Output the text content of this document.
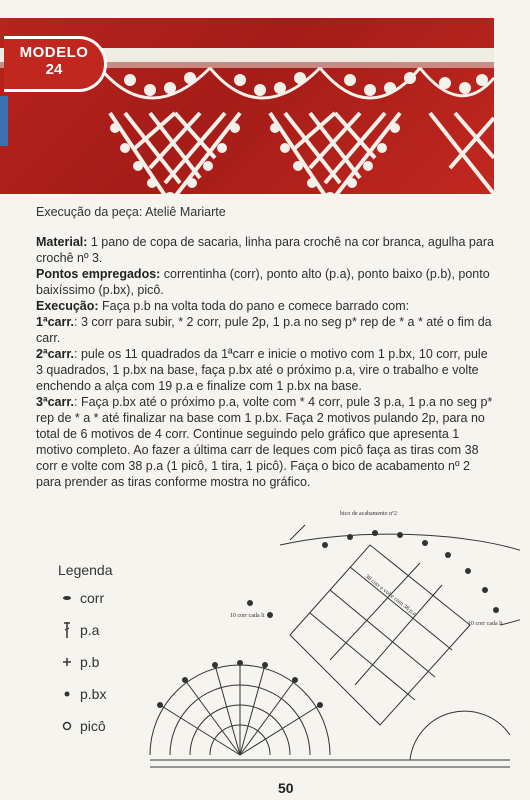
MODELO
24
Execução da peça: Ateliê Mariarte

Material: 1 pano de copa de sacaria, linha para crochê na cor branca, agulha para crochê nº 3.

Pontos empregados: correntinha (corr), ponto alto (p.a), ponto baixo (p.b), ponto baixíssimo (p.bx), picô.

Execução: Faça p.b na volta toda do pano e comece barrado com:

1ªcarr.: 3 corr para subir, * 2 corr, pule 2p, 1 p.a no seg p* rep de * a * até o fim da carr.

2ªcarr.: pule os 11 quadrados da 1ªcarr e inicie o motivo com 1 p.bx, 10 corr, pule 3 quadrados, 1 p.bx na base, faça p.bx até o próximo p.a, vire o trabalho e volte enchendo a alça com 19 p.a e finalize com 1 p.bx na base.

3ªcarr.: Faça p.bx até o próximo p.a, volte com * 4 corr, pule 3 p.a, 1 p.a no seg p* rep de * a * até finalizar na base com 1 p.bx. Faça 2 motivos pulando 2p, para no total de 6 motivos de 4 corr. Continue seguindo pelo gráfico que apresenta 1 motivo completo. Ao fazer a última carr de leques com picô faça as tiras com 38 corr e volte com 38 p.a (1 picô, 1 tira, 1 picô). Faça o bico de acabamento nº 2 para prender as tiras conforme mostra no gráfico.

Legenda
corr
p.a
p.b
p.bx
picô
bico de acabamento nº2
10 corr cada lt	38 corr e volte com 38 p.a
10 corr cada lt
50
